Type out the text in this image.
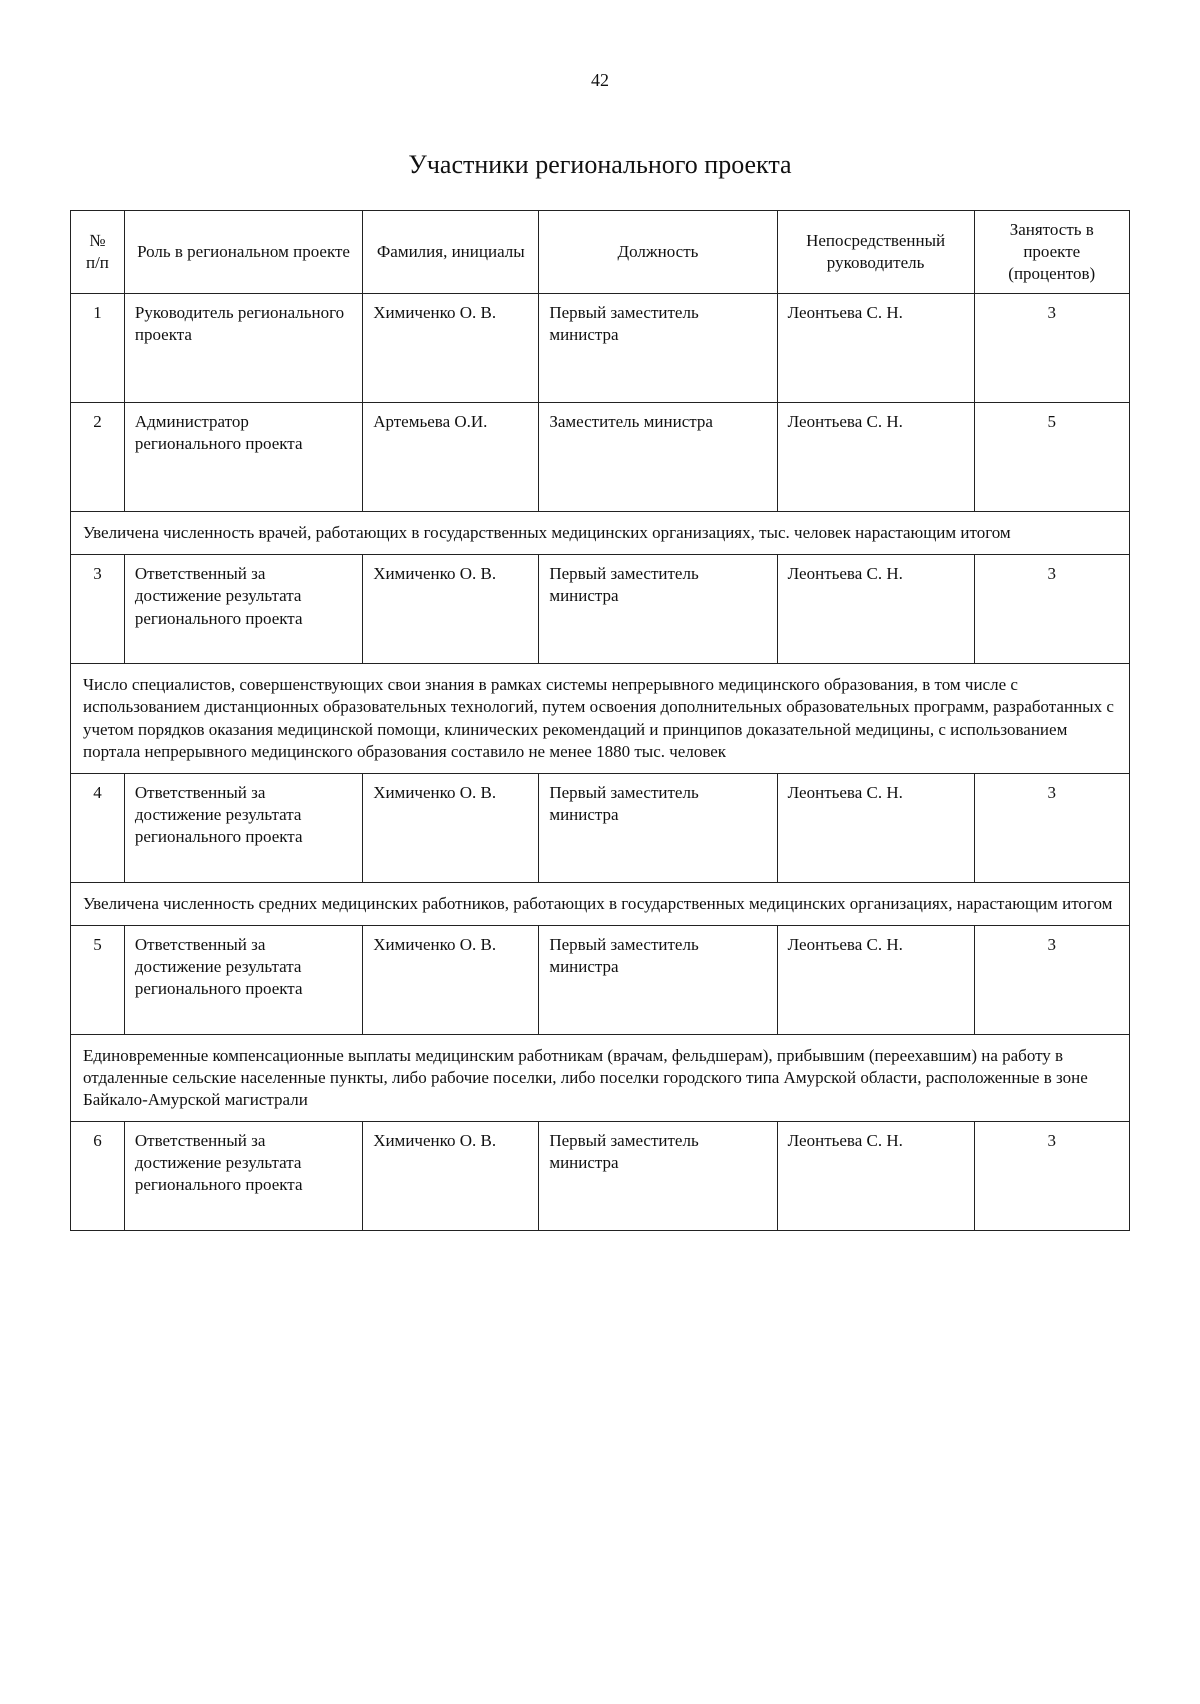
42
Участники регионального проекта
№ п/п	Роль в региональном проекте	Фамилия, инициалы	Должность	Непосредственный руководитель	Занятость в проекте (процентов)
1	Руководитель регионального проекта	Химиченко О. В.	Первый заместитель министра	Леонтьева С. Н.	3
2	Администратор регионального проекта	Артемьева О.И.	Заместитель министра	Леонтьева С. Н.	5
Увеличена численность врачей, работающих в государственных медицинских организациях, тыс. человек нарастающим итогом					
3	Ответственный за достижение результата регионального проекта	Химиченко О. В.	Первый заместитель министра	Леонтьева С. Н.	3
Число специалистов, совершенствующих свои знания в рамках системы непрерывного медицинского образования, в том числе с использованием дистанционных образовательных технологий, путем освоения дополнительных образовательных программ, разработанных с учетом порядков оказания медицинской помощи, клинических рекомендаций и принципов доказательной медицины, с использованием портала непрерывного медицинского образования составило не менее 1880 тыс. человек					
4	Ответственный за достижение результата регионального проекта	Химиченко О. В.	Первый заместитель министра	Леонтьева С. Н.	3
Увеличена численность средних медицинских работников, работающих в государственных медицинских организациях, нарастающим итогом					
5	Ответственный за достижение результата регионального проекта	Химиченко О. В.	Первый заместитель министра	Леонтьева С. Н.	3
Единовременные компенсационные выплаты медицинским работникам (врачам, фельдшерам), прибывшим (переехавшим) на работу в отдаленные сельские населенные пункты, либо рабочие поселки, либо поселки городского типа Амурской области, расположенные в зоне Байкало-Амурской магистрали					
6	Ответственный за достижение результата регионального проекта	Химиченко О. В.	Первый заместитель министра	Леонтьева С. Н.	3
